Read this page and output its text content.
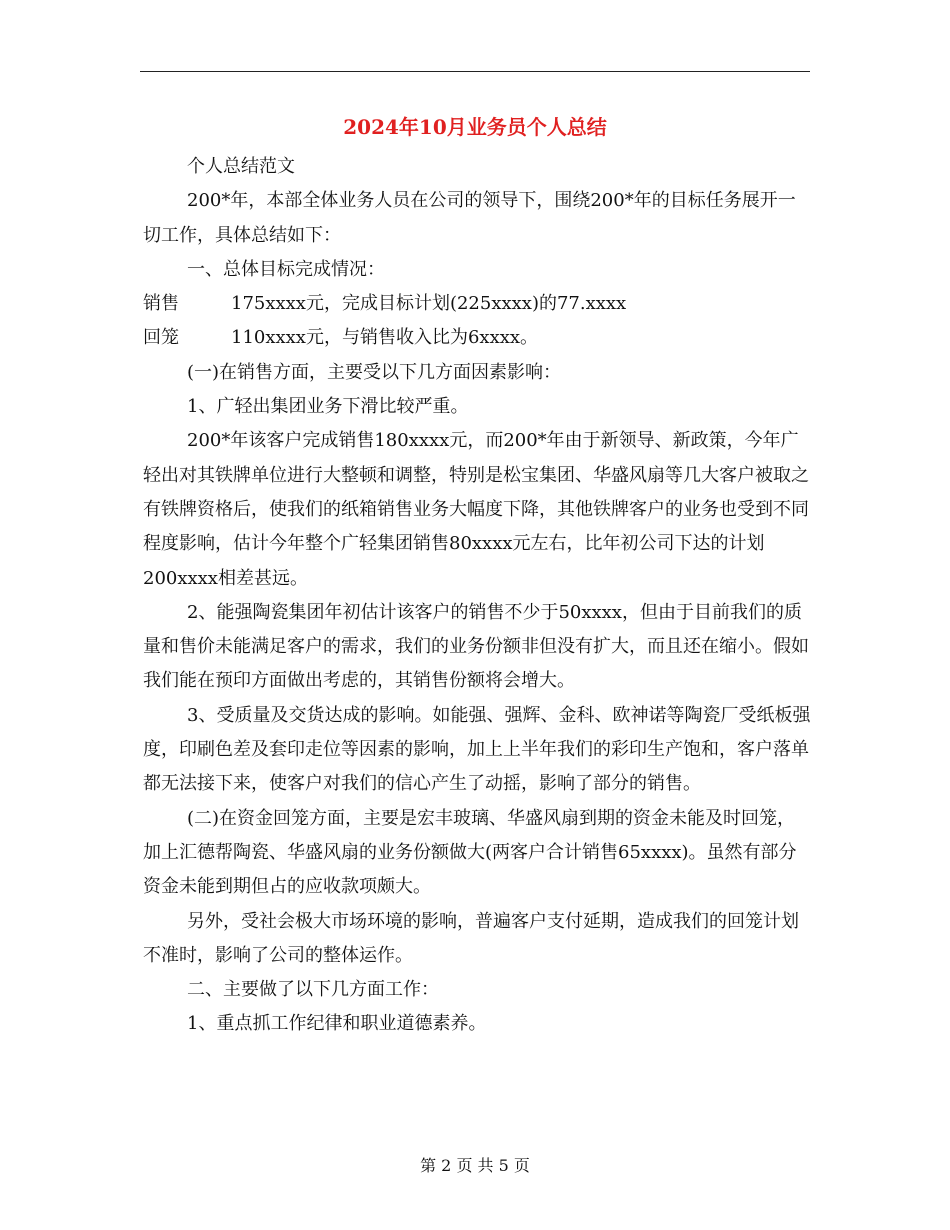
2024年10月业务员个人总结

个人总结范文

200*年，本部全体业务人员在公司的领导下，围绕200*年的目标任务展开一切工作，具体总结如下：

一、总体目标完成情况：

销售	175xxxx元，完成目标计划(225xxxx)的77.xxxx

回笼	110xxxx元，与销售收入比为6xxxx。

(一)在销售方面，主要受以下几方面因素影响：

1、广轻出集团业务下滑比较严重。

200*年该客户完成销售180xxxx元，而200*年由于新领导、新政策，今年广轻出对其铁牌单位进行大整顿和调整，特别是松宝集团、华盛风扇等几大客户被取之有铁牌资格后，使我们的纸箱销售业务大幅度下降，其他铁牌客户的业务也受到不同程度影响，估计今年整个广轻集团销售80xxxx元左右，比年初公司下达的计划200xxxx相差甚远。

2、能强陶瓷集团年初估计该客户的销售不少于50xxxx，但由于目前我们的质量和售价未能满足客户的需求，我们的业务份额非但没有扩大，而且还在缩小。假如我们能在预印方面做出考虑的，其销售份额将会增大。

3、受质量及交货达成的影响。如能强、强辉、金科、欧神诺等陶瓷厂受纸板强度，印刷色差及套印走位等因素的影响，加上上半年我们的彩印生产饱和，客户落单都无法接下来，使客户对我们的信心产生了动摇，影响了部分的销售。

(二)在资金回笼方面，主要是宏丰玻璃、华盛风扇到期的资金未能及时回笼，加上汇德帮陶瓷、华盛风扇的业务份额做大(两客户合计销售65xxxx)。虽然有部分资金未能到期但占的应收款项颇大。

另外，受社会极大市场环境的影响，普遍客户支付延期，造成我们的回笼计划不准时，影响了公司的整体运作。

二、主要做了以下几方面工作：

1、重点抓工作纪律和职业道德素养。

第 2 页 共 5 页
